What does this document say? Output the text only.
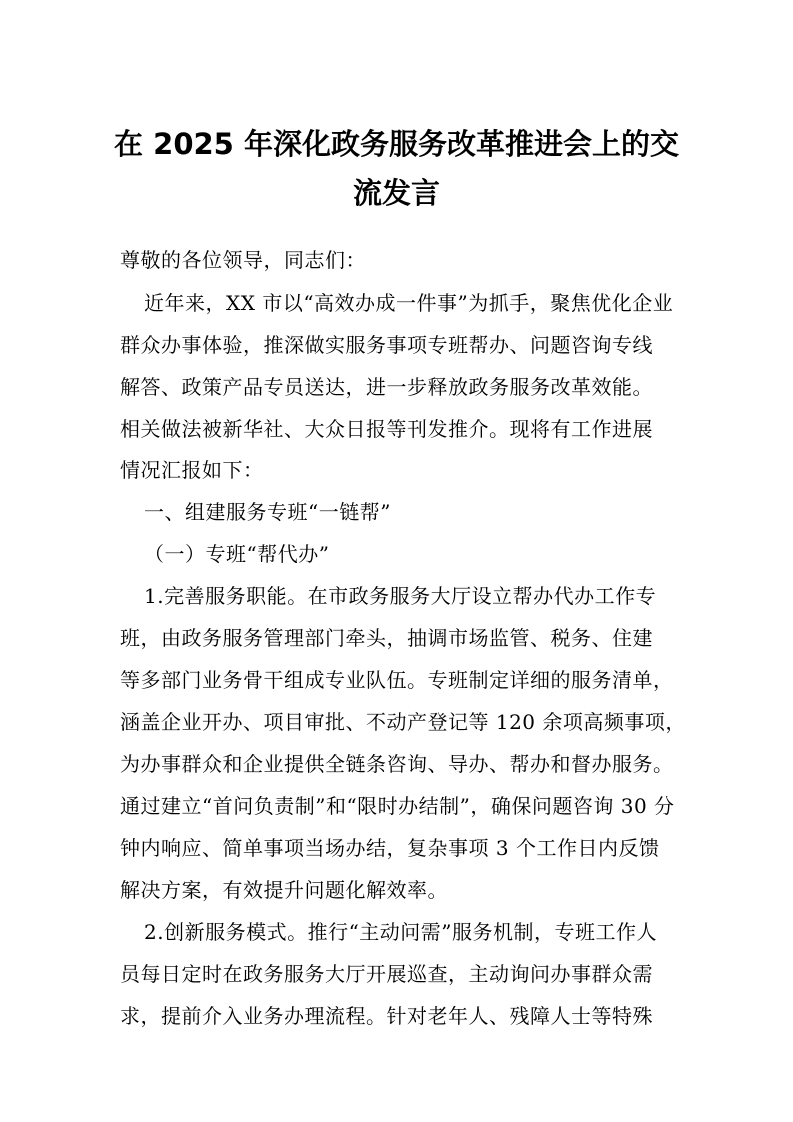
在 2025 年深化政务服务改革推进会上的交
流发言
尊敬的各位领导，同志们：
近年来，XX 市以“高效办成一件事”为抓手，聚焦优化企业
群众办事体验，推深做实服务事项专班帮办、问题咨询专线
解答、政策产品专员送达，进一步释放政务服务改革效能。
相关做法被新华社、大众日报等刊发推介。现将有工作进展
情况汇报如下：
一、组建服务专班“一链帮”
（一）专班“帮代办”
1.完善服务职能。在市政务服务大厅设立帮办代办工作专
班，由政务服务管理部门牵头，抽调市场监管、税务、住建
等多部门业务骨干组成专业队伍。专班制定详细的服务清单，
涵盖企业开办、项目审批、不动产登记等 120 余项高频事项，
为办事群众和企业提供全链条咨询、导办、帮办和督办服务。
通过建立“首问负责制”和“限时办结制”，确保问题咨询 30 分
钟内响应、简单事项当场办结，复杂事项 3 个工作日内反馈
解决方案，有效提升问题化解效率。
2.创新服务模式。推行“主动问需”服务机制，专班工作人
员每日定时在政务服务大厅开展巡查，主动询问办事群众需
求，提前介入业务办理流程。针对老年人、残障人士等特殊
